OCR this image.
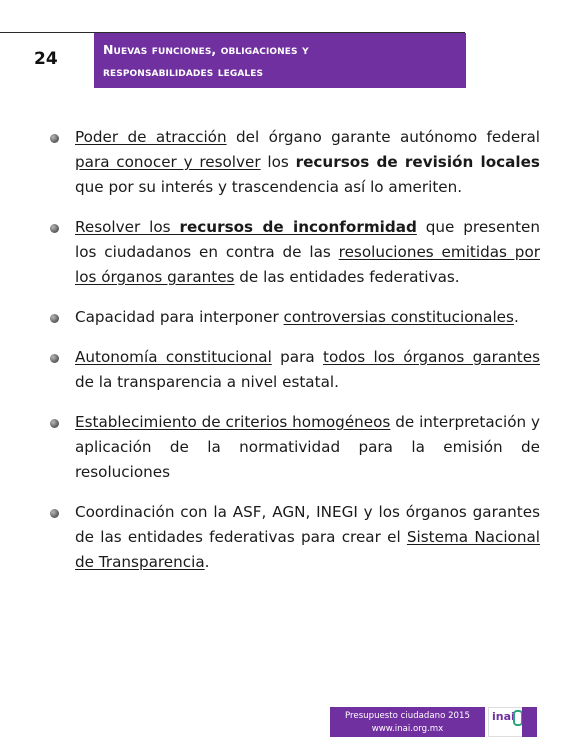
24	Nuevas funciones, obligaciones y
responsabilidades legales
Poder de atracción del órgano garante autónomo federal para conocer y resolver los recursos de revisión locales que por su interés y trascendencia así lo ameriten.
Resolver los recursos de inconformidad que presenten los ciudadanos en contra de las resoluciones emitidas por los órganos garantes de las entidades federativas.
Capacidad para interponer controversias constitucionales.
Autonomía constitucional para todos los órganos garantes de la transparencia a nivel estatal.
Establecimiento de criterios homogéneos de interpretación y aplicación de la normatividad para la emisión de resoluciones
Coordinación con la ASF, AGN, INEGI y los órganos garantes de las entidades federativas para crear el Sistema Nacional de Transparencia.
Presupuesto ciudadano 2015
www.inai.org.mx
inai
